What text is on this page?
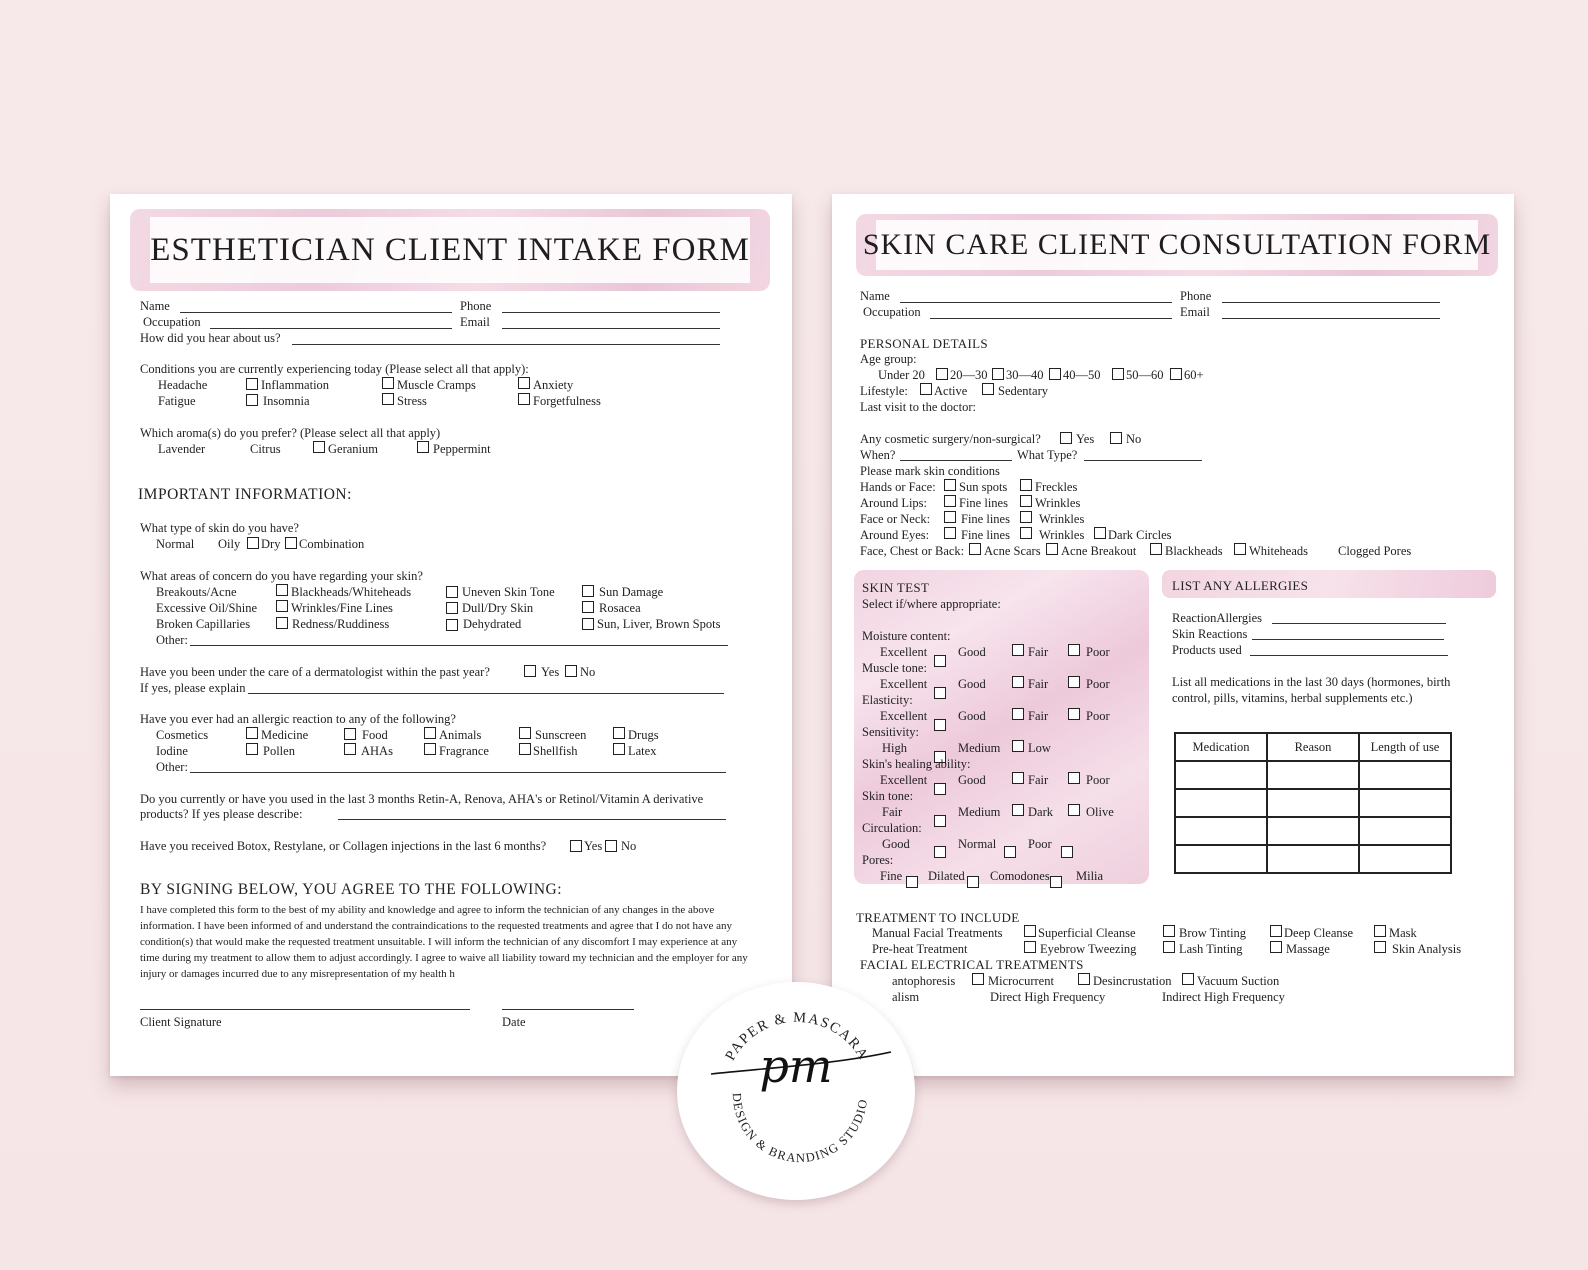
ESTHETICIAN CLIENT INTAKE FORM
Name	Phone
Occupation	Email
How did you hear about us?
Conditions you are currently experiencing today (Please select all that apply):
Headache	Inflammation	Muscle Cramps	Anxiety
Fatigue	Insomnia	Stress	Forgetfulness
Which aroma(s) do you prefer? (Please select all that apply)
Lavender	Citrus	Geranium	Peppermint
IMPORTANT INFORMATION:
What type of skin do you have?
Normal Oily Dry Combination
What areas of concern do you have regarding your skin?
Breakouts/Acne	Blackheads/Whiteheads	Uneven Skin Tone	Sun Damage
Excessive Oil/Shine	Wrinkles/Fine Lines	Dull/Dry Skin	Rosacea
Broken Capillaries	Redness/Ruddiness	Dehydrated	Sun, Liver, Brown Spots
Other:
Have you been under the care of a dermatologist within the past year?	Yes No
If yes, please explain
Have you ever had an allergic reaction to any of the following?
Cosmetics	Medicine	Food	Animals	Sunscreen	Drugs
Iodine	Pollen	AHAs	Fragrance	Shellfish	Latex
Other:
Do you currently or have you used in the last 3 months Retin-A, Renova, AHA's or Retinol/Vitamin A derivative
products? If yes please describe:
Have you received Botox, Restylane, or Collagen injections in the last 6 months?	Yes No
BY SIGNING BELOW, YOU AGREE TO THE FOLLOWING:
I have completed this form to the best of my ability and knowledge and agree to inform the technician of any changes in the above information. I have been informed of and understand the contraindications to the requested treatments and agree that I do not have any condition(s) that would make the requested treatment unsuitable. I will inform the technician of any discomfort I may experience at any time during my treatment to allow them to adjust accordingly. I agree to waive all liability toward my technician and the employer for any injury or damages incurred due to any misrepresentation of my health h
Client Signature	Date
SKIN CARE CLIENT CONSULTATION FORM
Name	Phone
Occupation	Email
PERSONAL DETAILS
Age group:
Under 20 20—30 30—40 40—50 50—60 60+
Lifestyle: Active Sedentary
Last visit to the doctor:
Any cosmetic surgery/non-surgical?	Yes	No
When?	What Type?
Please mark skin conditions
Hands or Face: Sun spots Freckles
Around Lips:	Fine lines Wrinkles
Face or Neck: Fine lines Wrinkles
Around Eyes:	Fine lines Wrinkles Dark Circles
Face, Chest or Back: Acne Scars Acne Breakout Blackheads Whiteheads Clogged Pores
SKIN TEST
Select if/where appropriate:
Moisture content:
Excellent Good	Fair	Poor
Muscle tone:
Excellent Good	Fair	Poor
Elasticity:
Excellent Good	Fair	Poor
Sensitivity:
High	Medium Low
Skin's healing ability:
Excellent Good	Fair	Poor
Skin tone:
Fair	Medium Dark	Olive
Circulation:
Good	Normal	Poor
Pores:
Fine Dilated Comodones Milia
LIST ANY ALLERGIES
ReactionAllergies
Skin Reactions
Products used
List all medications in the last 30 days (hormones, birth
control, pills, vitamins, herbal supplements etc.)
Medication	Reason	Length of use

TREATMENT TO INCLUDE
Manual Facial Treatments	Superficial Cleanse	Brow Tinting	Deep Cleanse	Mask
Pre-heat Treatment	Eyebrow Tweezing	Lash Tinting	Massage	Skin Analysis
FACIAL ELECTRICAL TREATMENTS
antophoresis	Microcurrent	Desincrustation Vacuum Suction
alism	Direct High Frequency	Indirect High Frequency
PAPER & MASCARA
DESIGN & BRANDING STUDIO
pm
